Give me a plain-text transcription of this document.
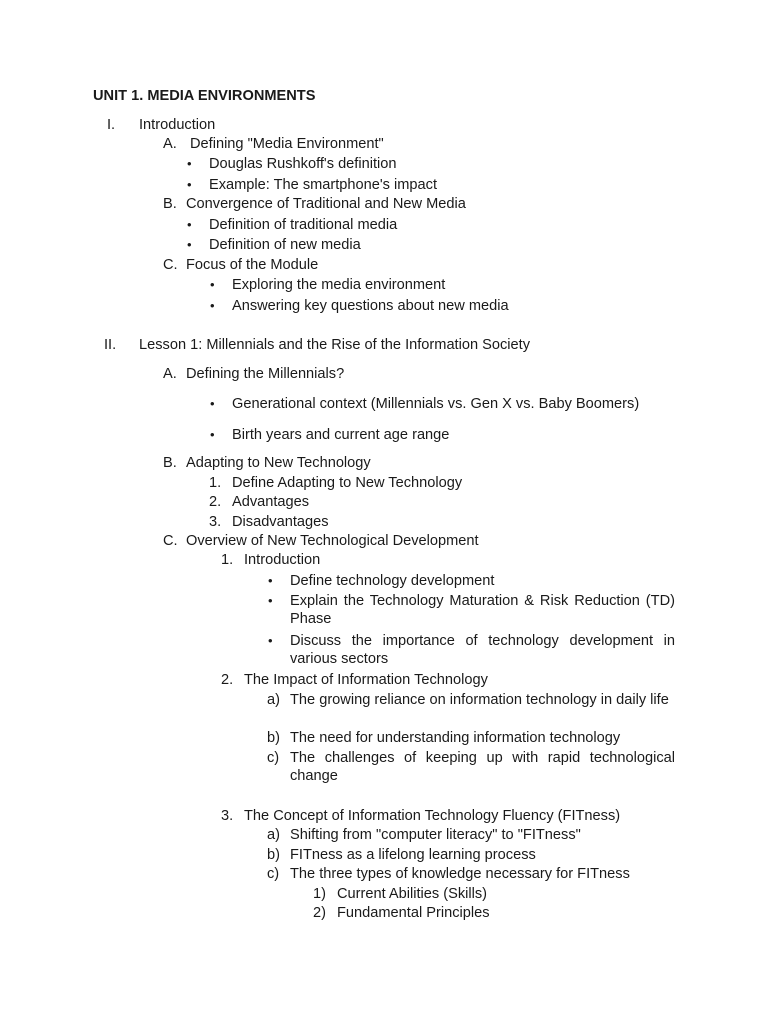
UNIT 1. MEDIA ENVIRONMENTS
I. Introduction
A. Defining "Media Environment"
• Douglas Rushkoff's definition
• Example: The smartphone's impact
B. Convergence of Traditional and New Media
• Definition of traditional media
• Definition of new media
C. Focus of the Module
• Exploring the media environment
• Answering key questions about new media
II. Lesson 1: Millennials and the Rise of the Information Society
A. Defining the Millennials?
• Generational context (Millennials vs. Gen X vs. Baby Boomers)
• Birth years and current age range
B. Adapting to New Technology
1. Define Adapting to New Technology
2. Advantages
3. Disadvantages
C. Overview of New Technological Development
1. Introduction
• Define technology development
• Explain the Technology Maturation & Risk Reduction (TD) Phase
• Discuss the importance of technology development in various sectors
2. The Impact of Information Technology
a) The growing reliance on information technology in daily life
b) The need for understanding information technology
c) The challenges of keeping up with rapid technological change
3. The Concept of Information Technology Fluency (FITness)
a) Shifting from "computer literacy" to "FITness"
b) FITness as a lifelong learning process
c) The three types of knowledge necessary for FITness
1) Current Abilities (Skills)
2) Fundamental Principles
